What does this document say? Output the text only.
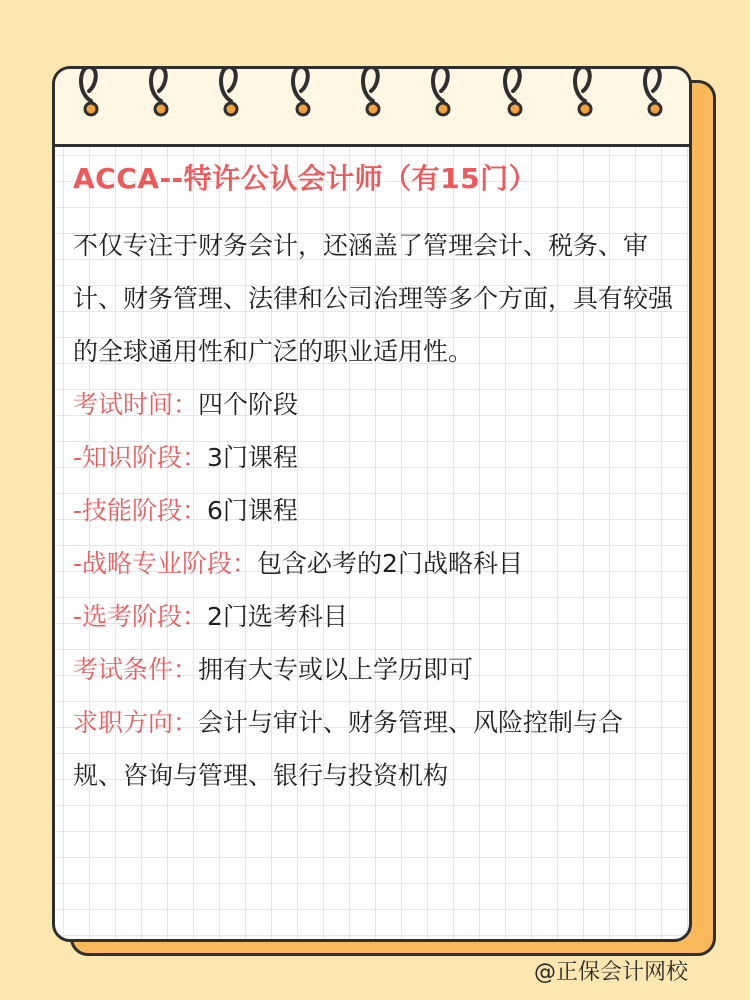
ACCA--特许公认会计师（有15门）

不仅专注于财务会计，还涵盖了管理会计、税务、审计、财务管理、法律和公司治理等多个方面，具有较强的全球通用性和广泛的职业适用性。

考试时间：四个阶段

-知识阶段：3门课程

-技能阶段：6门课程

-战略专业阶段：包含必考的2门战略科目

-选考阶段：2门选考科目

考试条件：拥有大专或以上学历即可

求职方向：会计与审计、财务管理、风险控制与合规、咨询与管理、银行与投资机构

@正保会计网校
